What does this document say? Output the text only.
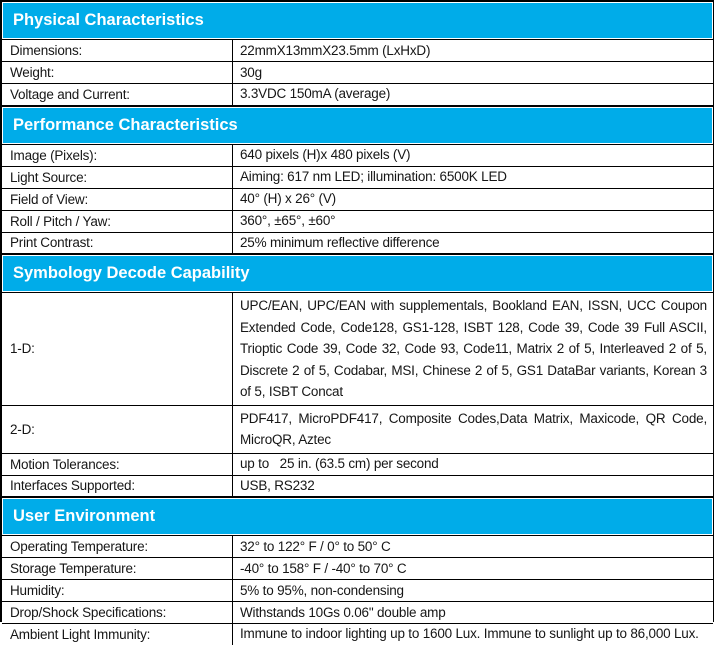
Physical Characteristics
Dimensions:	22mmX13mmX23.5mm (LxHxD)
Weight:	30g
Voltage and Current:	3.3VDC 150mA (average)
Performance Characteristics
Image (Pixels):	640 pixels (H)x 480 pixels (V)
Light Source:	Aiming: 617 nm LED; illumination: 6500K LED
Field of View:	40° (H) x 26° (V)
Roll / Pitch / Yaw:	360°, ±65°, ±60°
Print Contrast:	25% minimum reflective difference
Symbology Decode Capability
1-D:
UPC/EAN, UPC/EAN with supplementals, Bookland EAN, ISSN, UCC Coupon Extended Code, Code128, GS1-128, ISBT 128, Code 39, Code 39 Full ASCII, Trioptic Code 39, Code 32, Code 93, Code11, Matrix 2 of 5, Interleaved 2 of 5, Discrete 2 of 5, Codabar, MSI, Chinese 2 of 5, GS1 DataBar variants, Korean 3 of 5, ISBT Concat
2-D:
PDF417, MicroPDF417, Composite Codes,Data Matrix, Maxicode, QR Code, MicroQR, Aztec
Motion Tolerances:	up to   25 in. (63.5 cm) per second
Interfaces Supported:	USB, RS232
User Environment
Operating Temperature:	32° to 122° F / 0° to 50° C
Storage Temperature:	-40° to 158° F / -40° to 70° C
Humidity:	5% to 95%, non-condensing
Drop/Shock Specifications:	Withstands 10Gs 0.06" double amp
Ambient Light Immunity:	Immune to indoor lighting up to 1600 Lux. Immune to sunlight up to 86,000 Lux.
